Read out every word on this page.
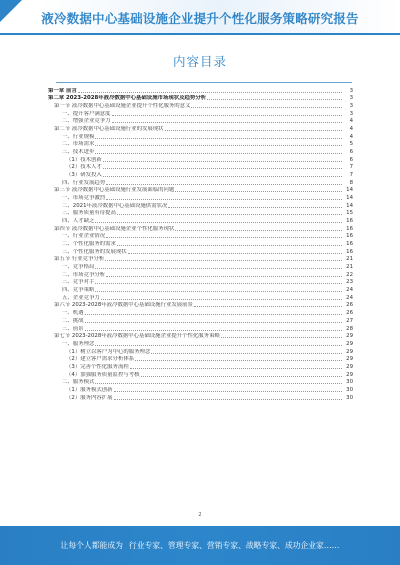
液冷数据中心基础设施企业提升个性化服务策略研究报告
内容目录
第一章 前言	3
第二章 2023-2028年液冷数据中心基础设施市场现状及趋势分析	3
第一节 液冷数据中心基础设施企业提升个性化服务的意义	3
一、提升客户满意度	3
二、增强企业竞争力	4
第二节 液冷数据中心基础设施行业的发展现状	4
一、行业规模	4
二、市场需求	5
三、技术进步	6
（1）技术创新	6
（2）技术人才	7
（3）研发投入	7
四、行业发展趋势	8
第三节 液冷数据中心基础设施行业发展面临的问题	14
一、市场竞争激烈	14
二、2021年液冷数据中心基础设施供需状况	14
三、服务质量有待提高	15
四、人才缺乏	16
第四节 液冷数据中心基础设施企业个性化服务现状	16
一、行业企业情况	16
二、个性化服务的需求	16
三、个性化服务的发展现状	16
第五节 行业竞争分析	21
一、竞争格局	21
二、市场竞争分析	22
三、竞争对手	23
四、竞争策略	24
五、企业竞争力	24
第六节 2023-2028年液冷数据中心基础设施行业发展前景	26
一、机遇	26
二、挑战	27
三、前景	28
第七节 2023-2028年液冷数据中心基础设施企业提升个性化服务策略	29
一、服务理念	29
（1）树立以客户为中心的服务理念	29
（2）建立客户需求分析体系	29
（3）完善个性化服务流程	29
（4）加强服务质量监控与考核	29
二、服务模式	30
（1）服务模式创新	30
（2）服务内容扩展	30
2
让每个人都能成为 行业专家、管理专家、营销专家、战略专家、成功企业家……
